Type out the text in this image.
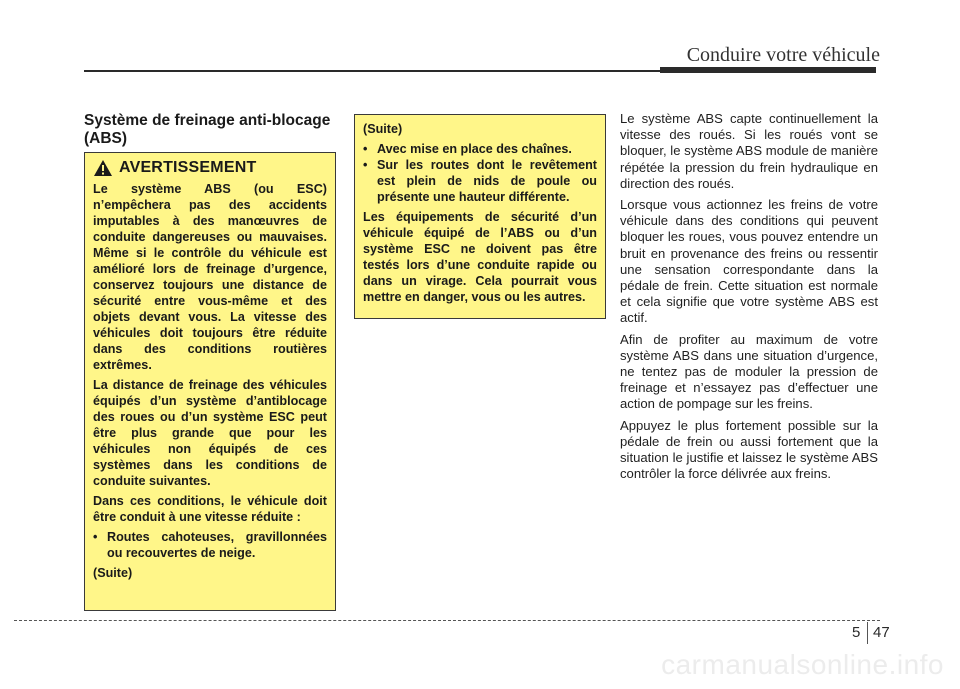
Conduire votre véhicule
Système de freinage anti-blocage (ABS)
AVERTISSEMENT

Le système ABS (ou ESC) n’empêchera pas des accidents imputables à des manœuvres de conduite dangereuses ou mauvaises. Même si le contrôle du véhicule est amélioré lors de freinage d’urgence, conservez toujours une distance de sécurité entre vous-même et des objets devant vous. La vitesse des véhicules doit toujours être réduite dans des conditions routières extrêmes.

La distance de freinage des véhicules équipés d’un système d’antiblocage des roues ou d’un système ESC peut être plus grande que pour les véhicules non équipés de ces systèmes dans les conditions de conduite suivantes.

Dans ces conditions, le véhicule doit être conduit à une vitesse réduite :

• Routes cahoteuses, gravillonnées ou recouvertes de neige.

(Suite)

(Suite)

• Avec mise en place des chaînes.
• Sur les routes dont le revêtement est plein de nids de poule ou présente une hauteur différente.

Les équipements de sécurité d’un véhicule équipé de l’ABS ou d’un système ESC ne doivent pas être testés lors d’une conduite rapide ou dans un virage. Cela pourrait vous mettre en danger, vous ou les autres.

Le système ABS capte continuellement la vitesse des roués. Si les roués vont se bloquer, le système ABS module de manière répétée la pression du frein hydraulique en direction des roués.

Lorsque vous actionnez les freins de votre véhicule dans des conditions qui peuvent bloquer les roues, vous pouvez entendre un bruit en provenance des freins ou ressentir une sensation correspondante dans la pédale de frein. Cette situation est normale et cela signifie que votre système ABS est actif.

Afin de profiter au maximum de votre système ABS dans une situation d’urgence, ne tentez pas de moduler la pression de freinage et n’essayez pas d’effectuer une action de pompage sur les freins.

Appuyez le plus fortement possible sur la pédale de frein ou aussi fortement que la situation le justifie et laissez le système ABS contrôler la force délivrée aux freins.

5 47
carmanualsonline.info
